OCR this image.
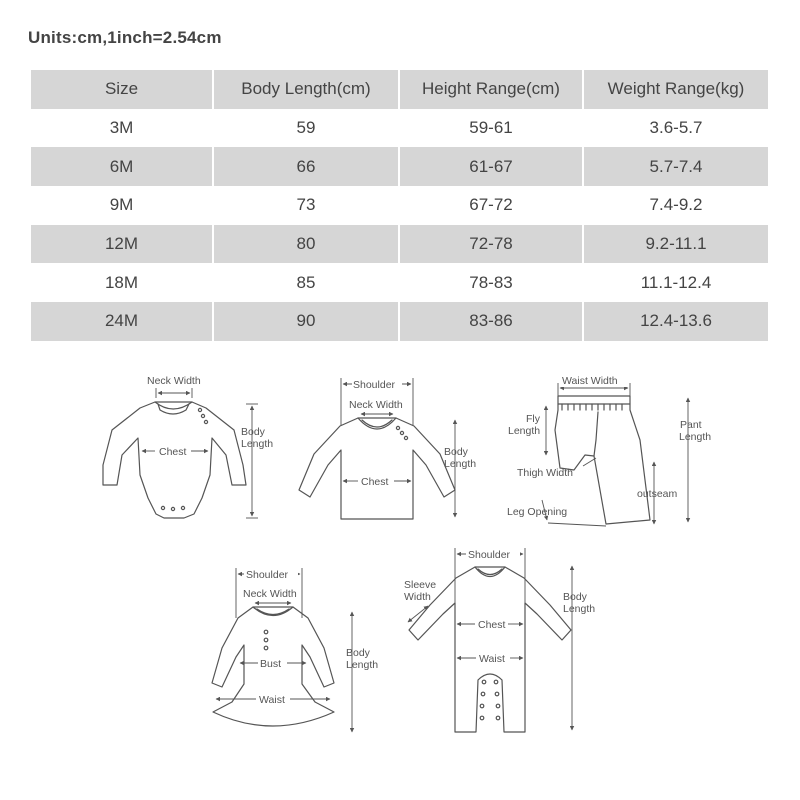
Units:cm,1inch=2.54cm
Size	Body Length(cm)	Height Range(cm)	Weight Range(kg)
3M	59	59-61	3.6-5.7
6M	66	61-67	5.7-7.4
9M	73	67-72	7.4-9.2
12M	80	72-78	9.2-11.1
18M	85	78-83	11.1-12.4
24M	90	83-86	12.4-13.6
Neck Width
Chest
Body
Length
Shoulder
Neck Width
Chest
Body
Length
Waist Width
Fly
Length	Pant
Length
Thigh Width
outseam
Leg Opening
Shoulder
Neck Width
Bust
Waist
Body
Length
Shoulder
Sleeve
Width
Chest
Waist
Body
Length
